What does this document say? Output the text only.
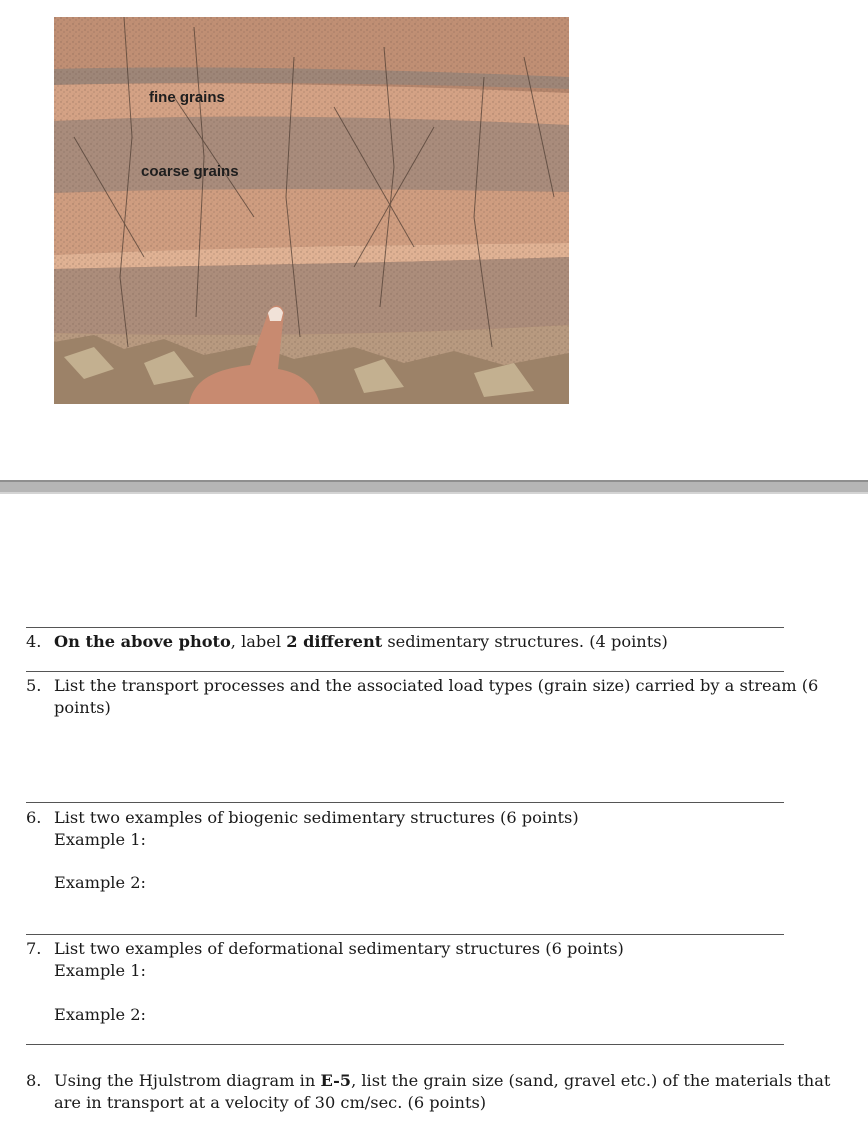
fine grains
coarse grains
4. On the above photo, label 2 different sedimentary structures. (4 points)
5. List the transport processes and the associated load types (grain size) carried by a stream (6
points)
6. List two examples of biogenic sedimentary structures (6 points)
Example 1:
Example 2:
7. List two examples of deformational sedimentary structures (6 points)
Example 1:
Example 2:
8. Using the Hjulstrom diagram in E-5, list the grain size (sand, gravel etc.) of the materials that
are in transport at a velocity of 30 cm/sec. (6 points)
